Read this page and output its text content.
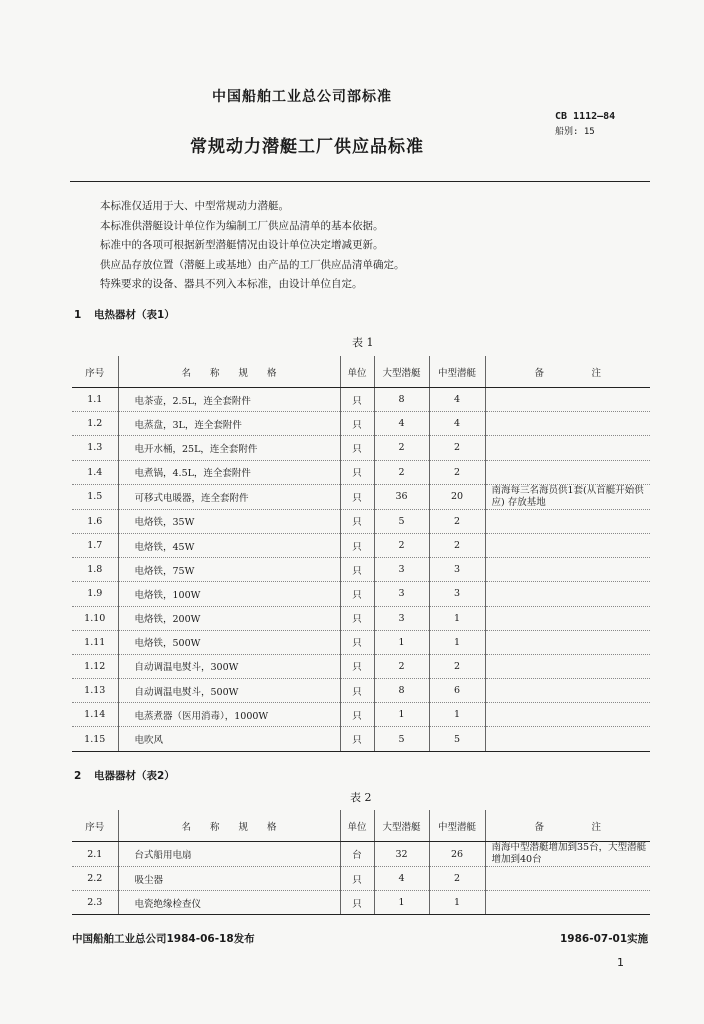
中国船舶工业总公司部标准
常规动力潜艇工厂供应品标准
CB 1112—84
船别: 15
本标准仅适用于大、中型常规动力潜艇。
本标准供潜艇设计单位作为编制工厂供应品清单的基本依据。
标准中的各项可根据新型潜艇情况由设计单位决定增减更新。
供应品存放位置（潜艇上或基地）由产品的工厂供应品清单确定。
特殊要求的设备、器具不列入本标准，由设计单位自定。
1 电热器材（表1）
表 1
序号	名　　称　　规　　格	单位	大型潜艇	中型潜艇	备　　　　　注
1.1	电茶壶，2.5L，连全套附件	只	8	4	
1.2	电蒸盘，3L，连全套附件	只	4	4	
1.3	电开水桶，25L，连全套附件	只	2	2	
1.4	电煮锅，4.5L，连全套附件	只	2	2	
1.5	可移式电暖器，连全套附件	只	36	20	南海每三名海员供1套(从首艇开始供应) 存放基地
1.6	电烙铁，35W	只	5	2	
1.7	电烙铁，45W	只	2	2	
1.8	电烙铁，75W	只	3	3	
1.9	电烙铁，100W	只	3	3	
1.10	电烙铁，200W	只	3	1	
1.11	电烙铁，500W	只	1	1	
1.12	自动调温电熨斗，300W	只	2	2	
1.13	自动调温电熨斗，500W	只	8	6	
1.14	电蒸煮器（医用消毒），1000W	只	1	1	
1.15	电吹风	只	5	5	
2 电器器材（表2）
表 2
序号	名　　称　　规　　格	单位	大型潜艇	中型潜艇	备　　　　　注
2.1	台式船用电扇	台	32	26	南海中型潜艇增加到35台，大型潜艇增加到40台
2.2	吸尘器	只	4	2	
2.3	电瓷绝缘检查仪	只	1	1	
中国船舶工业总公司1984-06-18发布	1986-07-01实施
1
